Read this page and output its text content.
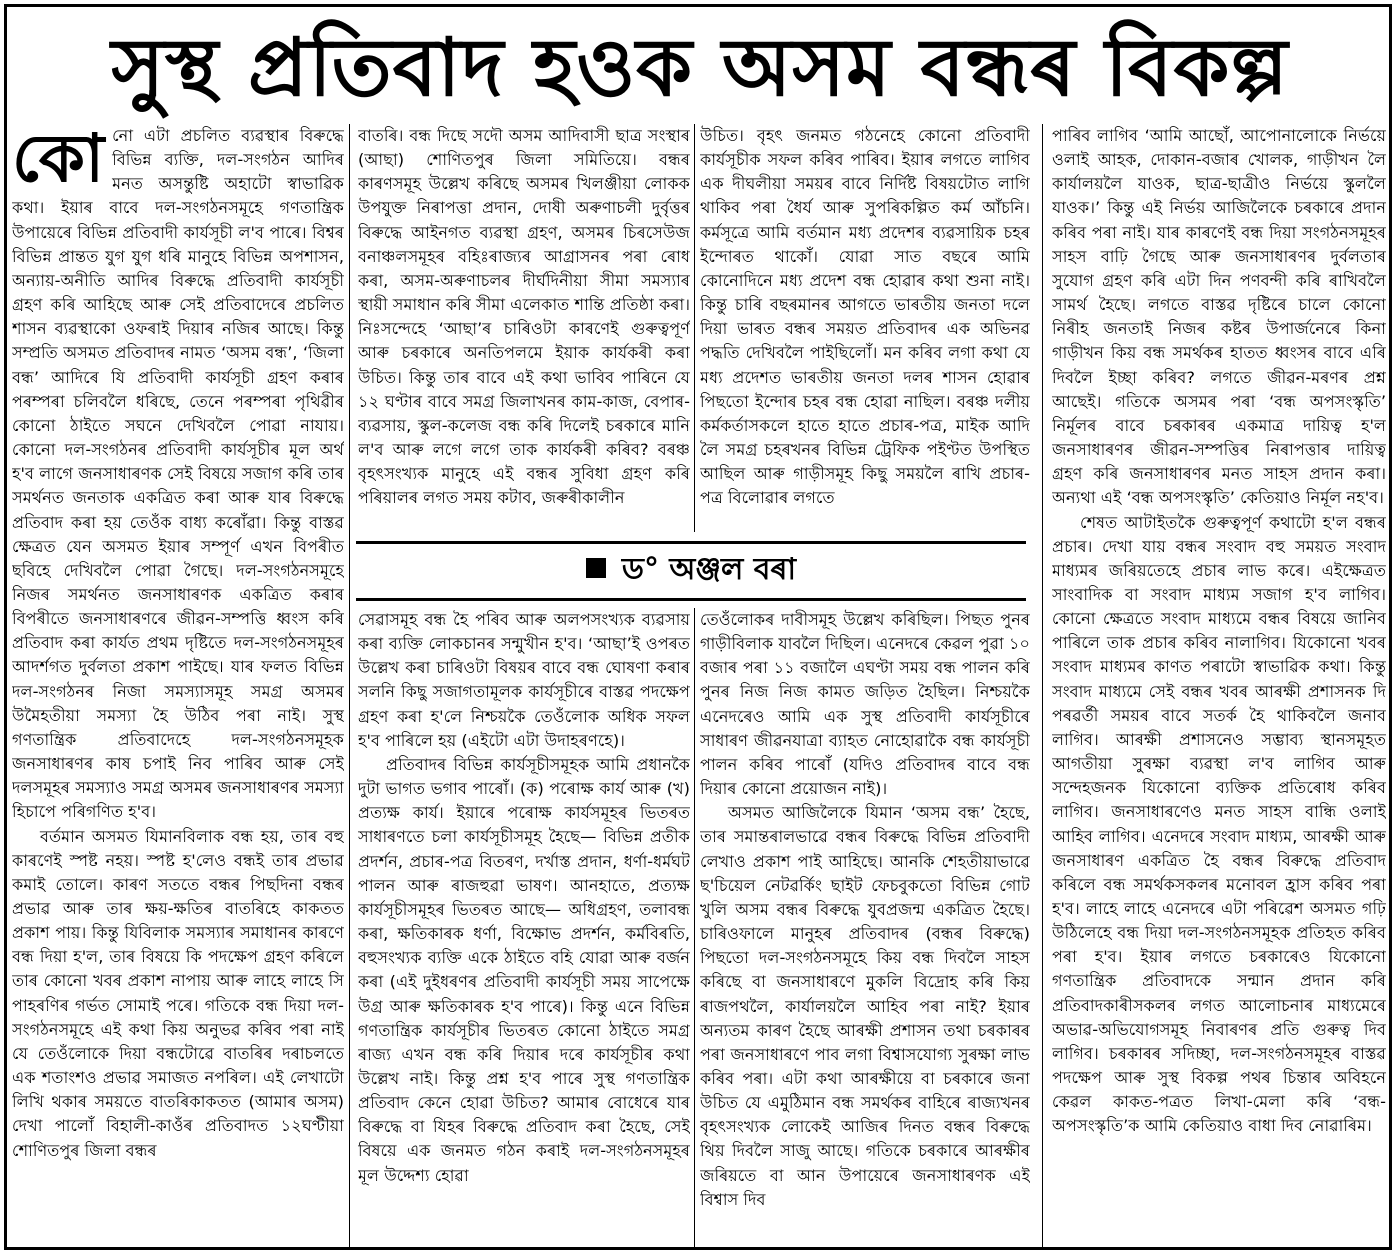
সুস্থ প্ৰতিবাদ হওক অসম বন্ধৰ বিকল্প

কোনো এটা প্ৰচলিত ব্যৱস্থাৰ বিৰুদ্ধে বিভিন্ন ব্যক্তি, দল-সংগঠন আদিৰ মনত অসন্তুষ্টি অহাটো স্বাভাৱিক কথা। ইয়াৰ বাবে দল-সংগঠনসমূহে গণতান্ত্ৰিক উপায়েৰে বিভিন্ন প্ৰতিবাদী কাৰ্যসূচী ল'ব পাৰে। বিশ্বৰ বিভিন্ন প্ৰান্তত যুগ যুগ ধৰি মানুহে বিভিন্ন অপশাসন, অন্যায়-অনীতি আদিৰ বিৰুদ্ধে প্ৰতিবাদী কাৰ্যসূচী গ্ৰহণ কৰি আহিছে আৰু সেই প্ৰতিবাদেৰে প্ৰচলিত শাসন ব্যৱস্থাকো ওফৰাই দিয়াৰ নজিৰ আছে। কিন্তু সম্প্ৰতি অসমত প্ৰতিবাদৰ নামত ‘অসম বন্ধ’, ‘জিলা বন্ধ’ আদিৰে যি প্ৰতিবাদী কাৰ্যসূচী গ্ৰহণ কৰাৰ পৰম্পৰা চলিবলৈ ধৰিছে, তেনে পৰম্পৰা পৃথিৱীৰ কোনো ঠাইতে সঘনে দেখিবলৈ পোৱা নাযায়। কোনো দল-সংগঠনৰ প্ৰতিবাদী কাৰ্যসূচীৰ মূল অৰ্থ হ'ব লাগে জনসাধাৰণক সেই বিষয়ে সজাগ কৰি তাৰ সমৰ্থনত জনতাক একত্ৰিত কৰা আৰু যাৰ বিৰুদ্ধে প্ৰতিবাদ কৰা হয় তেওঁক বাধ্য কৰোঁৱা। কিন্তু বাস্তৱ ক্ষেত্ৰত যেন অসমত ইয়াৰ সম্পূৰ্ণ এখন বিপৰীত ছবিহে দেখিবলৈ পোৱা গৈছে। দল-সংগঠনসমূহে নিজৰ সমৰ্থনত জনসাধাৰণক একত্ৰিত কৰাৰ বিপৰীতে জনসাধাৰণৰে জীৱন-সম্পত্তি ধ্বংস কৰি প্ৰতিবাদ কৰা কাৰ্যত প্ৰথম দৃষ্টিতে দল-সংগঠনসমূহৰ আদৰ্শগত দুৰ্বলতা প্ৰকাশ পাইছে। যাৰ ফলত বিভিন্ন দল-সংগঠনৰ নিজা সমস্যাসমূহ সমগ্ৰ অসমৰ উমৈহতীয়া সমস্যা হৈ উঠিব পৰা নাই। সুস্থ গণতান্ত্ৰিক প্ৰতিবাদেহে দল-সংগঠনসমূহক জনসাধাৰণৰ কাষ চপাই নিব পাৰিব আৰু সেই দলসমূহৰ সমস্যাও সমগ্ৰ অসমৰ জনসাধাৰণৰ সমস্যা হিচাপে পৰিগণিত হ'ব।

বৰ্তমান অসমত যিমানবিলাক বন্ধ হয়, তাৰ বহু কাৰণেই স্পষ্ট নহয়। স্পষ্ট হ'লেও বন্ধই তাৰ প্ৰভাৱ কমাই তোলে। কাৰণ সততে বন্ধৰ পিছদিনা বন্ধৰ প্ৰভাৱ আৰু তাৰ ক্ষয়-ক্ষতিৰ বাতৰিহে কাকতত প্ৰকাশ পায়। কিন্তু যিবিলাক সমস্যাৰ সমাধানৰ কাৰণে বন্ধ দিয়া হ'ল, তাৰ বিষয়ে কি পদক্ষেপ গ্ৰহণ কৰিলে তাৰ কোনো খবৰ প্ৰকাশ নাপায় আৰু লাহে লাহে সি পাহৰণিৰ গৰ্ভত সোমাই পৰে। গতিকে বন্ধ দিয়া দল-সংগঠনসমূহে এই কথা কিয় অনুভৱ কৰিব পৰা নাই যে তেওঁলোকে দিয়া বন্ধটোৱে বাতৰিৰ দৰাচলতে এক শতাংশও প্ৰভাৱ সমাজত নপৰিল। এই লেখাটো লিখি থকাৰ সময়তে বাতৰিকাকতত (আমাৰ অসম) দেখা পালোঁ বিহালী-কাওঁৰ প্ৰতিবাদত ১২ঘণ্টীয়া শোণিতপুৰ জিলা বন্ধৰ

বাতৰি। বন্ধ দিছে সদৌ অসম আদিবাসী ছাত্ৰ সংস্থাৰ (আছা) শোণিতপুৰ জিলা সমিতিয়ে। বন্ধৰ কাৰণসমূহ উল্লেখ কৰিছে অসমৰ খিলঞ্জীয়া লোকক উপযুক্ত নিৰাপত্তা প্ৰদান, দোষী অৰুণাচলী দুৰ্বৃত্তৰ বিৰুদ্ধে আইনগত ব্যৱস্থা গ্ৰহণ, অসমৰ চিৰসেউজ বনাঞ্চলসমূহৰ বহিঃৰাজ্যৰ আগ্ৰাসনৰ পৰা ৰোধ কৰা, অসম-অৰুণাচলৰ দীৰ্ঘদিনীয়া সীমা সমস্যাৰ স্থায়ী সমাধান কৰি সীমা এলেকাত শান্তি প্ৰতিষ্ঠা কৰা। নিঃসন্দেহে ‘আছা’ৰ চাৰিওটা কাৰণেই গুৰুত্বপূৰ্ণ আৰু চৰকাৰে অনতিপলমে ইয়াক কাৰ্যকৰী কৰা উচিত। কিন্তু তাৰ বাবে এই কথা ভাবিব পাৰিনে যে ১২ ঘণ্টাৰ বাবে সমগ্ৰ জিলাখনৰ কাম-কাজ, বেপাৰ-ব্যৱসায়, স্কুল-কলেজ বন্ধ কৰি দিলেই চৰকাৰে মানি ল'ব আৰু লগে লগে তাক কাৰ্যকৰী কৰিব? বৰঞ্চ বৃহৎসংখ্যক মানুহে এই বন্ধৰ সুবিধা গ্ৰহণ কৰি পৰিয়ালৰ লগত সময় কটাব, জৰুৰীকালীন

উচিত। বৃহৎ জনমত গঠনেহে কোনো প্ৰতিবাদী কাৰ্যসূচীক সফল কৰিব পাৰিব। ইয়াৰ লগতে লাগিব এক দীঘলীয়া সময়ৰ বাবে নিৰ্দিষ্ট বিষয়টোত লাগি থাকিব পৰা ধৈৰ্য আৰু সুপৰিকল্পিত কৰ্ম আঁচনি। কৰ্মসূত্ৰে আমি বৰ্তমান মধ্য প্ৰদেশৰ ব্যৱসায়িক চহৰ ইন্দোৰত থাকোঁ। যোৱা সাত বছৰে আমি কোনোদিনে মধ্য প্ৰদেশ বন্ধ হোৱাৰ কথা শুনা নাই। কিন্তু চাৰি বছৰমানৰ আগতে ভাৰতীয় জনতা দলে দিয়া ভাৰত বন্ধৰ সময়ত প্ৰতিবাদৰ এক অভিনৱ পদ্ধতি দেখিবলৈ পাইছিলোঁ। মন কৰিব লগা কথা যে মধ্য প্ৰদেশত ভাৰতীয় জনতা দলৰ শাসন হোৱাৰ পিছতো ইন্দোৰ চহৰ বন্ধ হোৱা নাছিল। বৰঞ্চ দলীয় কৰ্মকৰ্তাসকলে হাতে হাতে প্ৰচাৰ-পত্ৰ, মাইক আদি লৈ সমগ্ৰ চহৰখনৰ বিভিন্ন ট্ৰেফিক পইণ্টত উপস্থিত আছিল আৰু গাড়ীসমূহ কিছু সময়লৈ ৰাখি প্ৰচাৰ-পত্ৰ বিলোৱাৰ লগতে

ড° অঞ্জল বৰা

সেৱাসমূহ বন্ধ হৈ পৰিব আৰু অলপসংখ্যক ব্যৱসায় কৰা ব্যক্তি লোকচানৰ সন্মুখীন হ'ব। ‘আছা’ই ওপৰত উল্লেখ কৰা চাৰিওটা বিষয়ৰ বাবে বন্ধ ঘোষণা কৰাৰ সলনি কিছু সজাগতামূলক কাৰ্যসূচীৰে বাস্তৱ পদক্ষেপ গ্ৰহণ কৰা হ'লে নিশ্চয়কৈ তেওঁলোক অধিক সফল হ'ব পাৰিলে হয় (এইটো এটা উদাহৰণহে)।

প্ৰতিবাদৰ বিভিন্ন কাৰ্যসূচীসমূহক আমি প্ৰধানকৈ দুটা ভাগত ভগাব পাৰোঁ। (ক) পৰোক্ষ কাৰ্য আৰু (খ) প্ৰত্যক্ষ কাৰ্য। ইয়াৰে পৰোক্ষ কাৰ্যসমূহৰ ভিতৰত সাধাৰণতে চলা কাৰ্যসূচীসমূহ হৈছে— বিভিন্ন প্ৰতীক প্ৰদৰ্শন, প্ৰচাৰ-পত্ৰ বিতৰণ, দৰ্খাস্ত প্ৰদান, ধৰ্ণা-ধৰ্মঘট পালন আৰু ৰাজহুৱা ভাষণ। আনহাতে, প্ৰত্যক্ষ কাৰ্যসূচীসমূহৰ ভিতৰত আছে— অধিগ্ৰহণ, তলাবন্ধ কৰা, ক্ষতিকাৰক ধৰ্ণা, বিক্ষোভ প্ৰদৰ্শন, কৰ্মবিৰতি, বহুসংখ্যক ব্যক্তি একে ঠাইতে বহি যোৱা আৰু বৰ্জন কৰা (এই দুইধৰণৰ প্ৰতিবাদী কাৰ্যসূচী সময় সাপেক্ষে উগ্ৰ আৰু ক্ষতিকাৰক হ'ব পাৰে)। কিন্তু এনে বিভিন্ন গণতান্ত্ৰিক কাৰ্যসূচীৰ ভিতৰত কোনো ঠাইতে সমগ্ৰ ৰাজ্য এখন বন্ধ কৰি দিয়াৰ দৰে কাৰ্যসূচীৰ কথা উল্লেখ নাই। কিন্তু প্ৰশ্ন হ'ব পাৰে সুস্থ গণতান্ত্ৰিক প্ৰতিবাদ কেনে হোৱা উচিত? আমাৰ বোধেৰে যাৰ বিৰুদ্ধে বা যিহৰ বিৰুদ্ধে প্ৰতিবাদ কৰা হৈছে, সেই বিষয়ে এক জনমত গঠন কৰাই দল-সংগঠনসমূহৰ মূল উদ্দেশ্য হোৱা

তেওঁলোকৰ দাবীসমূহ উল্লেখ কৰিছিল। পিছত পুনৰ গাড়ীবিলাক যাবলৈ দিছিল। এনেদৰে কেৱল পুৱা ১০ বজাৰ পৰা ১১ বজালৈ এঘণ্টা সময় বন্ধ পালন কৰি পুনৰ নিজ নিজ কামত জড়িত হৈছিল। নিশ্চয়কৈ এনেদৰেও আমি এক সুস্থ প্ৰতিবাদী কাৰ্যসূচীৰে সাধাৰণ জীৱনযাত্ৰা ব্যাহত নোহোৱাকৈ বন্ধ কাৰ্যসূচী পালন কৰিব পাৰোঁ (যদিও প্ৰতিবাদৰ বাবে বন্ধ দিয়াৰ কোনো প্ৰয়োজন নাই)।

অসমত আজিলৈকে যিমান ‘অসম বন্ধ’ হৈছে, তাৰ সমান্তৰালভাৱে বন্ধৰ বিৰুদ্ধে বিভিন্ন প্ৰতিবাদী লেখাও প্ৰকাশ পাই আহিছে। আনকি শেহতীয়াভাৱে ছ'চিয়েল নেটৱৰ্কিং ছাইট ফেচবুকতো বিভিন্ন গোট খুলি অসম বন্ধৰ বিৰুদ্ধে যুবপ্ৰজন্ম একত্ৰিত হৈছে। চাৰিওফালে মানুহৰ প্ৰতিবাদৰ (বন্ধৰ বিৰুদ্ধে) পিছতো দল-সংগঠনসমূহে কিয় বন্ধ দিবলৈ সাহস কৰিছে বা জনসাধাৰণে মুকলি বিদ্ৰোহ কৰি কিয় ৰাজপথলৈ, কাৰ্যালয়লৈ আহিব পৰা নাই? ইয়াৰ অন্যতম কাৰণ হৈছে আৰক্ষী প্ৰশাসন তথা চৰকাৰৰ পৰা জনসাধাৰণে পাব লগা বিশ্বাসযোগ্য সুৰক্ষা লাভ কৰিব পৰা। এটা কথা আৰক্ষীয়ে বা চৰকাৰে জনা উচিত যে এমুঠিমান বন্ধ সমৰ্থকৰ বাহিৰে ৰাজ্যখনৰ বৃহৎসংখ্যক লোকেই আজিৰ দিনত বন্ধৰ বিৰুদ্ধে থিয় দিবলৈ সাজু আছে। গতিকে চৰকাৰে আৰক্ষীৰ জৰিয়তে বা আন উপায়েৰে জনসাধাৰণক এই বিশ্বাস দিব

পাৰিব লাগিব ‘আমি আছোঁ, আপোনালোকে নিৰ্ভয়ে ওলাই আহক, দোকান-বজাৰ খোলক, গাড়ীখন লৈ কাৰ্যালয়লৈ যাওক, ছাত্ৰ-ছাত্ৰীও নিৰ্ভয়ে স্কুললৈ যাওক।’ কিন্তু এই নিৰ্ভয় আজিলৈকে চৰকাৰে প্ৰদান কৰিব পৰা নাই। যাৰ কাৰণেই বন্ধ দিয়া সংগঠনসমূহৰ সাহস বাঢ়ি গৈছে আৰু জনসাধাৰণৰ দুৰ্বলতাৰ সুযোগ গ্ৰহণ কৰি এটা দিন পণবন্দী কৰি ৰাখিবলৈ সামৰ্থ হৈছে। লগতে বাস্তৱ দৃষ্টিৰে চালে কোনো নিৰীহ জনতাই নিজৰ কষ্টৰ উপাৰ্জনেৰে কিনা গাড়ীখন কিয় বন্ধ সমৰ্থকৰ হাতত ধ্বংসৰ বাবে এৰি দিবলৈ ইচ্ছা কৰিব? লগতে জীৱন-মৰণৰ প্ৰশ্ন আছেই। গতিকে অসমৰ পৰা ‘বন্ধ অপসংস্কৃতি’ নিৰ্মূলৰ বাবে চৰকাৰৰ একমাত্ৰ দায়িত্ব হ'ল জনসাধাৰণৰ জীৱন-সম্পত্তিৰ নিৰাপত্তাৰ দায়িত্ব গ্ৰহণ কৰি জনসাধাৰণৰ মনত সাহস প্ৰদান কৰা। অন্যথা এই ‘বন্ধ অপসংস্কৃতি’ কেতিয়াও নিৰ্মূল নহ'ব।

শেষত আটাইতকৈ গুৰুত্বপূৰ্ণ কথাটো হ'ল বন্ধৰ প্ৰচাৰ। দেখা যায় বন্ধৰ সংবাদ বহু সময়ত সংবাদ মাধ্যমৰ জৰিয়তেহে প্ৰচাৰ লাভ কৰে। এইক্ষেত্ৰত সাংবাদিক বা সংবাদ মাধ্যম সজাগ হ'ব লাগিব। কোনো ক্ষেত্ৰতে সংবাদ মাধ্যমে বন্ধৰ বিষয়ে জানিব পাৰিলে তাক প্ৰচাৰ কৰিব নালাগিব। যিকোনো খবৰ সংবাদ মাধ্যমৰ কাণত পৰাটো স্বাভাৱিক কথা। কিন্তু সংবাদ মাধ্যমে সেই বন্ধৰ খবৰ আৰক্ষী প্ৰশাসনক দি পৰৱৰ্তী সময়ৰ বাবে সতৰ্ক হৈ থাকিবলৈ জনাব লাগিব। আৰক্ষী প্ৰশাসনেও সম্ভাব্য স্থানসমূহত আগতীয়া সুৰক্ষা ব্যৱস্থা ল'ব লাগিব আৰু সন্দেহজনক যিকোনো ব্যক্তিক প্ৰতিৰোধ কৰিব লাগিব। জনসাধাৰণেও মনত সাহস বান্ধি ওলাই আহিব লাগিব। এনেদৰে সংবাদ মাধ্যম, আৰক্ষী আৰু জনসাধাৰণ একত্ৰিত হৈ বন্ধৰ বিৰুদ্ধে প্ৰতিবাদ কৰিলে বন্ধ সমৰ্থকসকলৰ মনোবল হ্ৰাস কৰিব পৰা হ'ব। লাহে লাহে এনেদৰে এটা পৰিৱেশ অসমত গঢ়ি উঠিলেহে বন্ধ দিয়া দল-সংগঠনসমূহক প্ৰতিহত কৰিব পৰা হ'ব। ইয়াৰ লগতে চৰকাৰেও যিকোনো গণতান্ত্ৰিক প্ৰতিবাদকে সন্মান প্ৰদান কৰি প্ৰতিবাদকাৰীসকলৰ লগত আলোচনাৰ মাধ্যমেৰে অভাৱ-অভিযোগসমূহ নিবাৰণৰ প্ৰতি গুৰুত্ব দিব লাগিব। চৰকাৰৰ সদিচ্ছা, দল-সংগঠনসমূহৰ বাস্তৱ পদক্ষেপ আৰু সুস্থ বিকল্প পথৰ চিন্তাৰ অবিহনে কেৱল কাকত-পত্ৰত লিখা-মেলা কৰি ‘বন্ধ-অপসংস্কৃতি’ক আমি কেতিয়াও বাধা দিব নোৱাৰিম।
